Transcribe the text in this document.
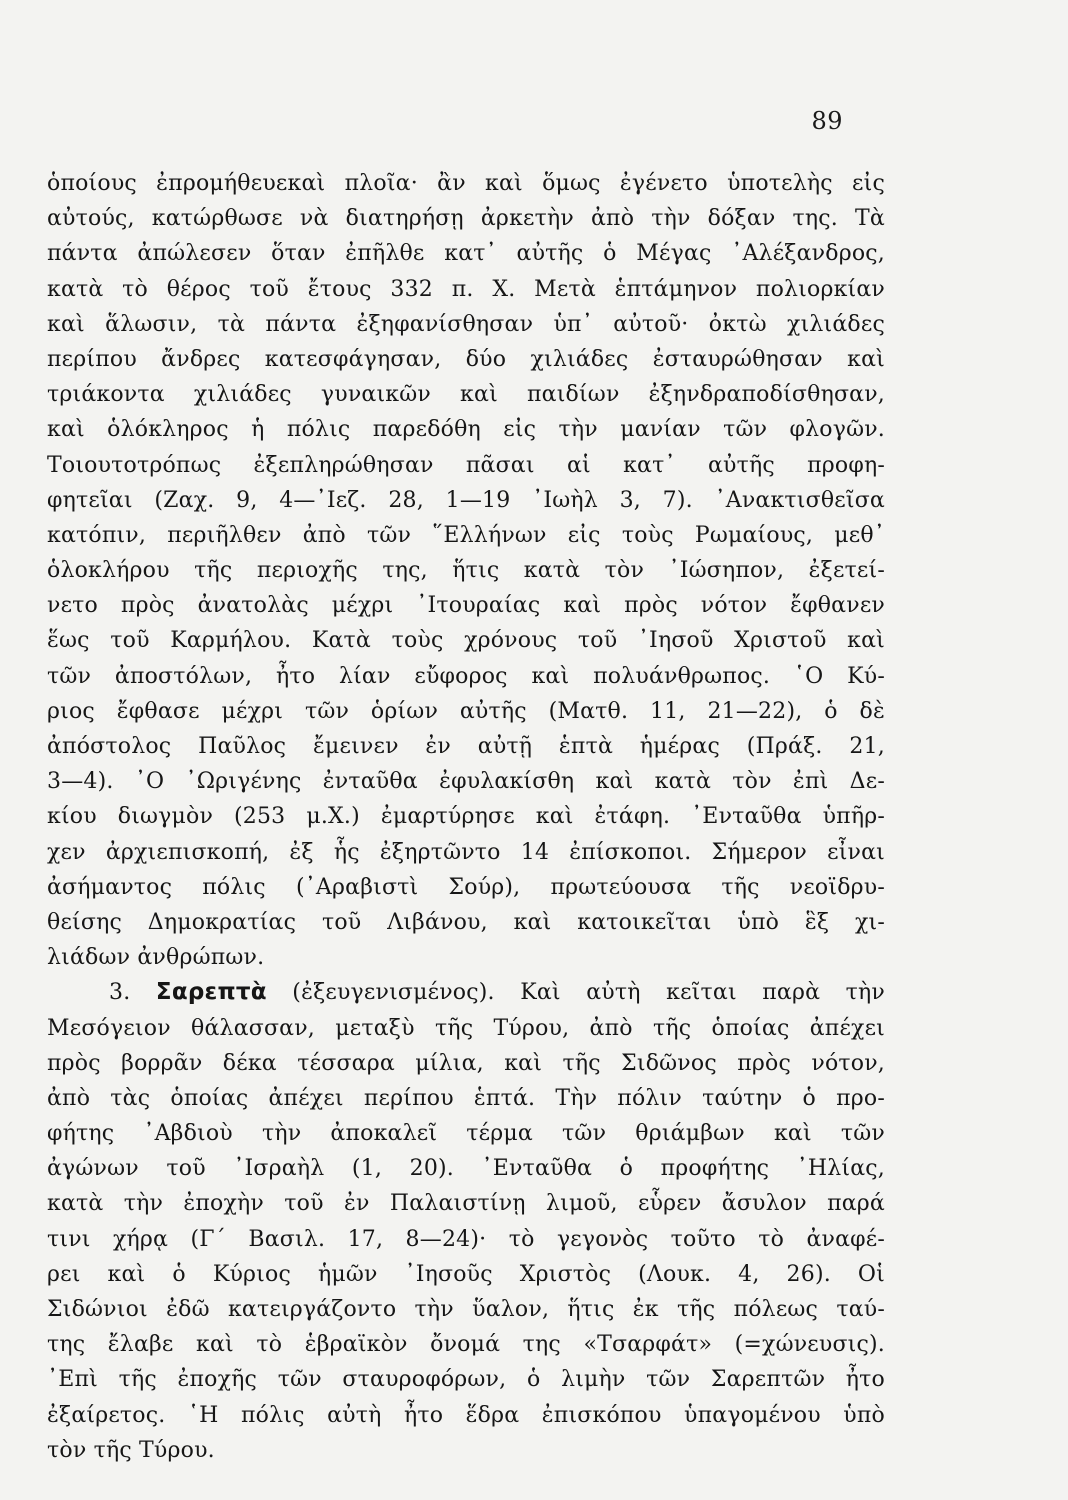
89
ὁποίους ἐπρομήθευεκαὶ πλοῖα· ἂν καὶ ὅμως ἐγένετο ὑποτελὴς εἰς
αὐτούς, κατώρθωσε νὰ διατηρήσῃ ἀρκετὴν ἀπὸ τὴν δόξαν της. Τὰ
πάντα ἀπώλεσεν ὅταν ἐπῆλθε κατ᾽ αὐτῆς ὁ Μέγας ᾿Αλέξανδρος,
κατὰ τὸ θέρος τοῦ ἔτους 332 π. Χ. Μετὰ ἑπτάμηνον πολιορκίαν
καὶ ἅλωσιν, τὰ πάντα ἐξηφανίσθησαν ὑπ᾽ αὐτοῦ· ὀκτὼ χιλιάδες
περίπου ἄνδρες κατεσφάγησαν, δύο χιλιάδες ἐσταυρώθησαν καὶ
τριάκοντα χιλιάδες γυναικῶν καὶ παιδίων ἐξηνδραποδίσθησαν,
καὶ ὁλόκληρος ἡ πόλις παρεδόθη εἰς τὴν μανίαν τῶν φλογῶν.
Τοιουτοτρόπως ἐξεπληρώθησαν πᾶσαι αἱ κατ᾽ αὐτῆς προφη-
φητεῖαι (Ζαχ. 9, 4—᾿Ιεζ. 28, 1—19 ᾿Ιωὴλ 3, 7). ᾿Ανακτισθεῖσα
κατόπιν, περιῆλθεν ἀπὸ τῶν ῞Ελλήνων εἰς τοὺς Ρωμαίους, μεθ᾽
ὁλοκλήρου τῆς περιοχῆς της, ἥτις κατὰ τὸν ᾿Ιώσηπον, ἐξετεί-
νετο πρὸς ἀνατολὰς μέχρι ᾿Ιτουραίας καὶ πρὸς νότον ἔφθανεν
ἕως τοῦ Καρμήλου. Κατὰ τοὺς χρόνους τοῦ ᾿Ιησοῦ Χριστοῦ καὶ
τῶν ἀποστόλων, ἦτο λίαν εὔφορος καὶ πολυάνθρωπος. ῾Ο Κύ-
ριος ἔφθασε μέχρι τῶν ὁρίων αὐτῆς (Ματθ. 11, 21—22), ὁ δὲ
ἀπόστολος Παῦλος ἔμεινεν ἐν αὐτῇ ἑπτὰ ἡμέρας (Πράξ. 21,
3—4). ᾿Ο ᾿Ωριγένης ἐνταῦθα ἐφυλακίσθη καὶ κατὰ τὸν ἐπὶ Δε-
κίου διωγμὸν (253 μ.Χ.) ἐμαρτύρησε καὶ ἐτάφη. ᾿Ενταῦθα ὑπῆρ-
χεν ἀρχιεπισκοπή, ἐξ ἧς ἐξηρτῶντο 14 ἐπίσκοποι. Σήμερον εἶναι
ἀσήμαντος πόλις (᾿Αραβιστὶ Σούρ), πρωτεύουσα τῆς νεοϊδρυ-
θείσης Δημοκρατίας τοῦ Λιβάνου, καὶ κατοικεῖται ὑπὸ ἓξ χι-
λιάδων ἀνθρώπων.
3. Σαρεπτὰ (ἐξευγενισμένος). Καὶ αὐτὴ κεῖται παρὰ τὴν
Μεσόγειον θάλασσαν, μεταξὺ τῆς Τύρου, ἀπὸ τῆς ὁποίας ἀπέχει
πρὸς βορρᾶν δέκα τέσσαρα μίλια, καὶ τῆς Σιδῶνος πρὸς νότον,
ἀπὸ τὰς ὁποίας ἀπέχει περίπου ἑπτά. Τὴν πόλιν ταύτην ὁ προ-
φήτης ᾿Αβδιοὺ τὴν ἀποκαλεῖ τέρμα τῶν θριάμβων καὶ τῶν
ἀγώνων τοῦ ᾿Ισραὴλ (1, 20). ᾿Ενταῦθα ὁ προφήτης ᾿Ηλίας,
κατὰ τὴν ἐποχὴν τοῦ ἐν Παλαιστίνῃ λιμοῦ, εὗρεν ἄσυλον παρά
τινι χήρᾳ (Γ΄ Βασιλ. 17, 8—24)· τὸ γεγονὸς τοῦτο τὸ ἀναφέ-
ρει καὶ ὁ Κύριος ἡμῶν ᾿Ιησοῦς Χριστὸς (Λουκ. 4, 26). Οἱ
Σιδώνιοι ἐδῶ κατειργάζοντο τὴν ὕαλον, ἥτις ἐκ τῆς πόλεως ταύ-
της ἔλαβε καὶ τὸ ἑβραϊκὸν ὄνομά της «Τσαρφάτ» (=χώνευσις).
᾿Επὶ τῆς ἐποχῆς τῶν σταυροφόρων, ὁ λιμὴν τῶν Σαρεπτῶν ἦτο
ἐξαίρετος. ῾Η πόλις αὐτὴ ἦτο ἕδρα ἐπισκόπου ὑπαγομένου ὑπὸ
τὸν τῆς Τύρου.
